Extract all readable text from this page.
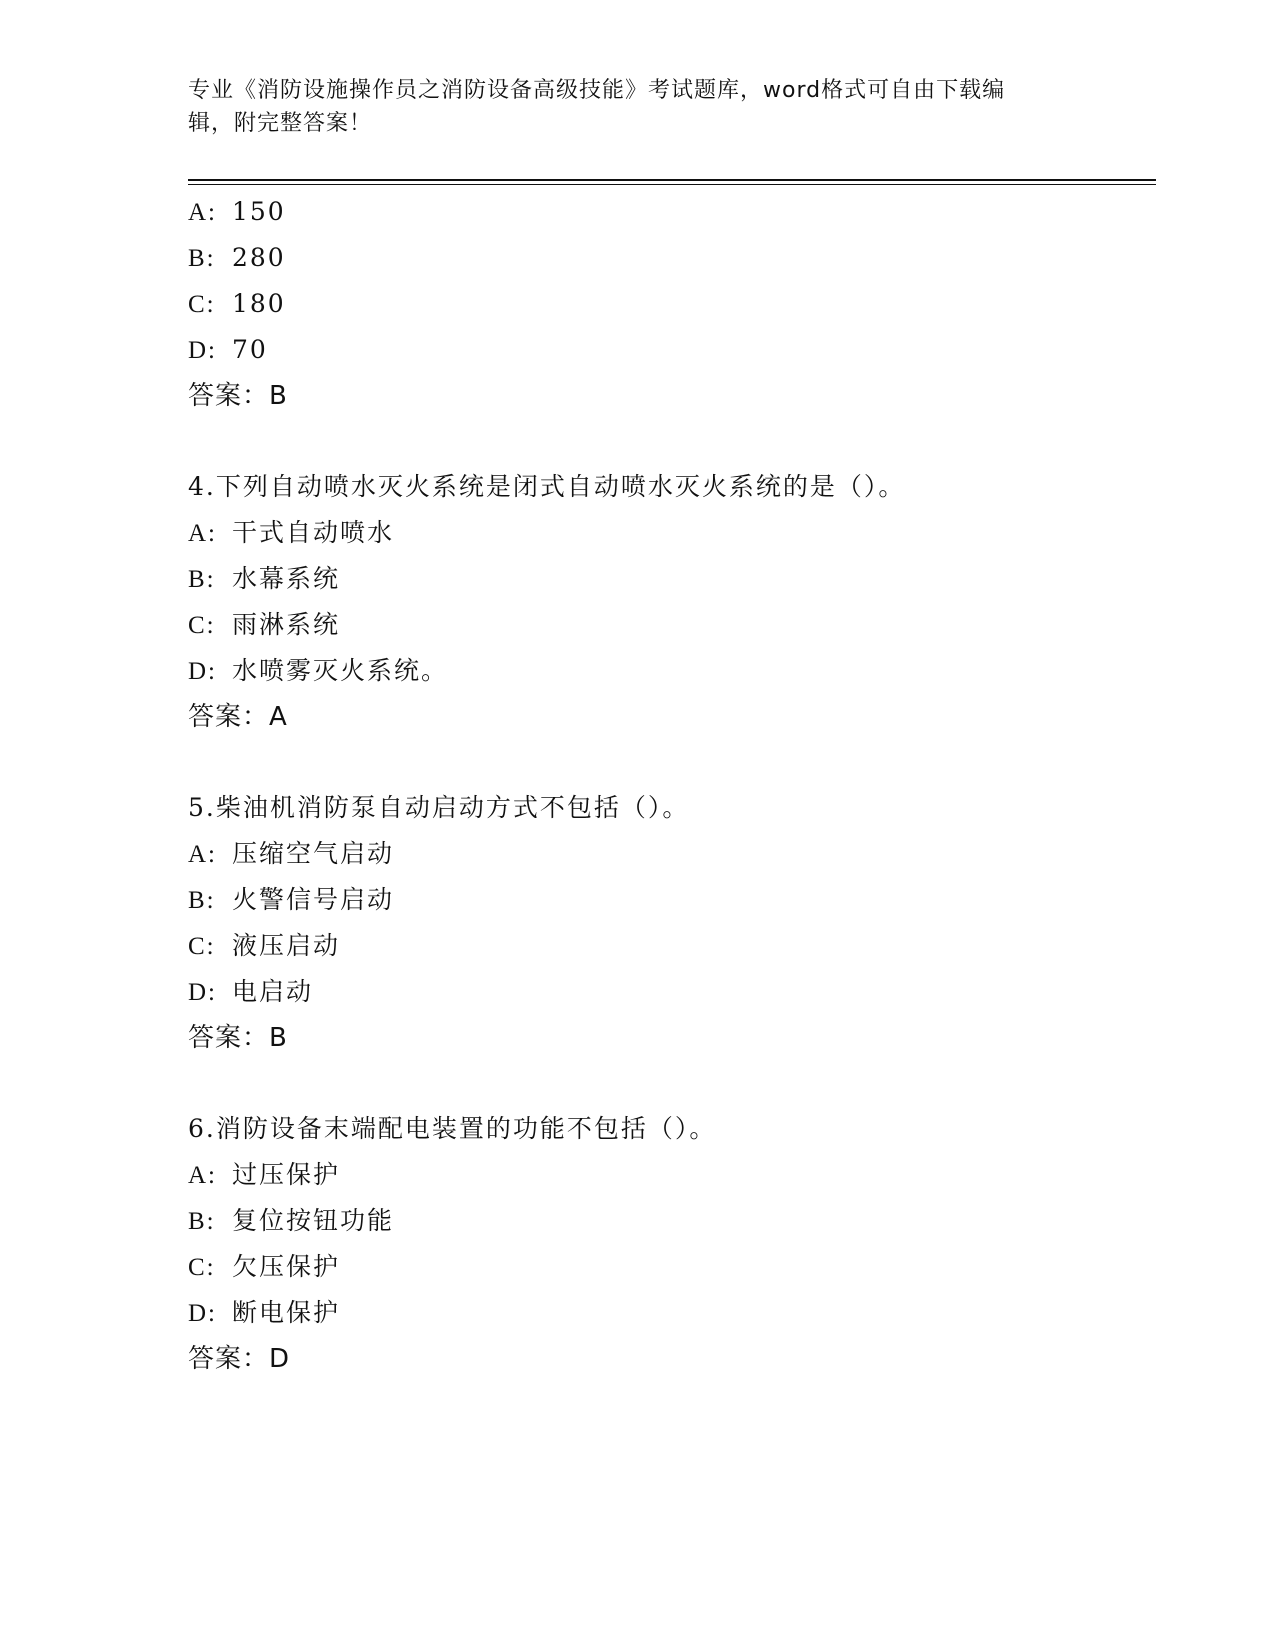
专业《消防设施操作员之消防设备高级技能》考试题库，word格式可自由下载编
辑，附完整答案！
A: 150
B: 280
C: 180
D: 70
答案：B
4.下列自动喷水灭火系统是闭式自动喷水灭火系统的是（）。
A: 干式自动喷水
B: 水幕系统
C: 雨淋系统
D: 水喷雾灭火系统。
答案：A
5.柴油机消防泵自动启动方式不包括（）。
A: 压缩空气启动
B: 火警信号启动
C: 液压启动
D: 电启动
答案：B
6.消防设备末端配电装置的功能不包括（）。
A: 过压保护
B: 复位按钮功能
C: 欠压保护
D: 断电保护
答案：D
